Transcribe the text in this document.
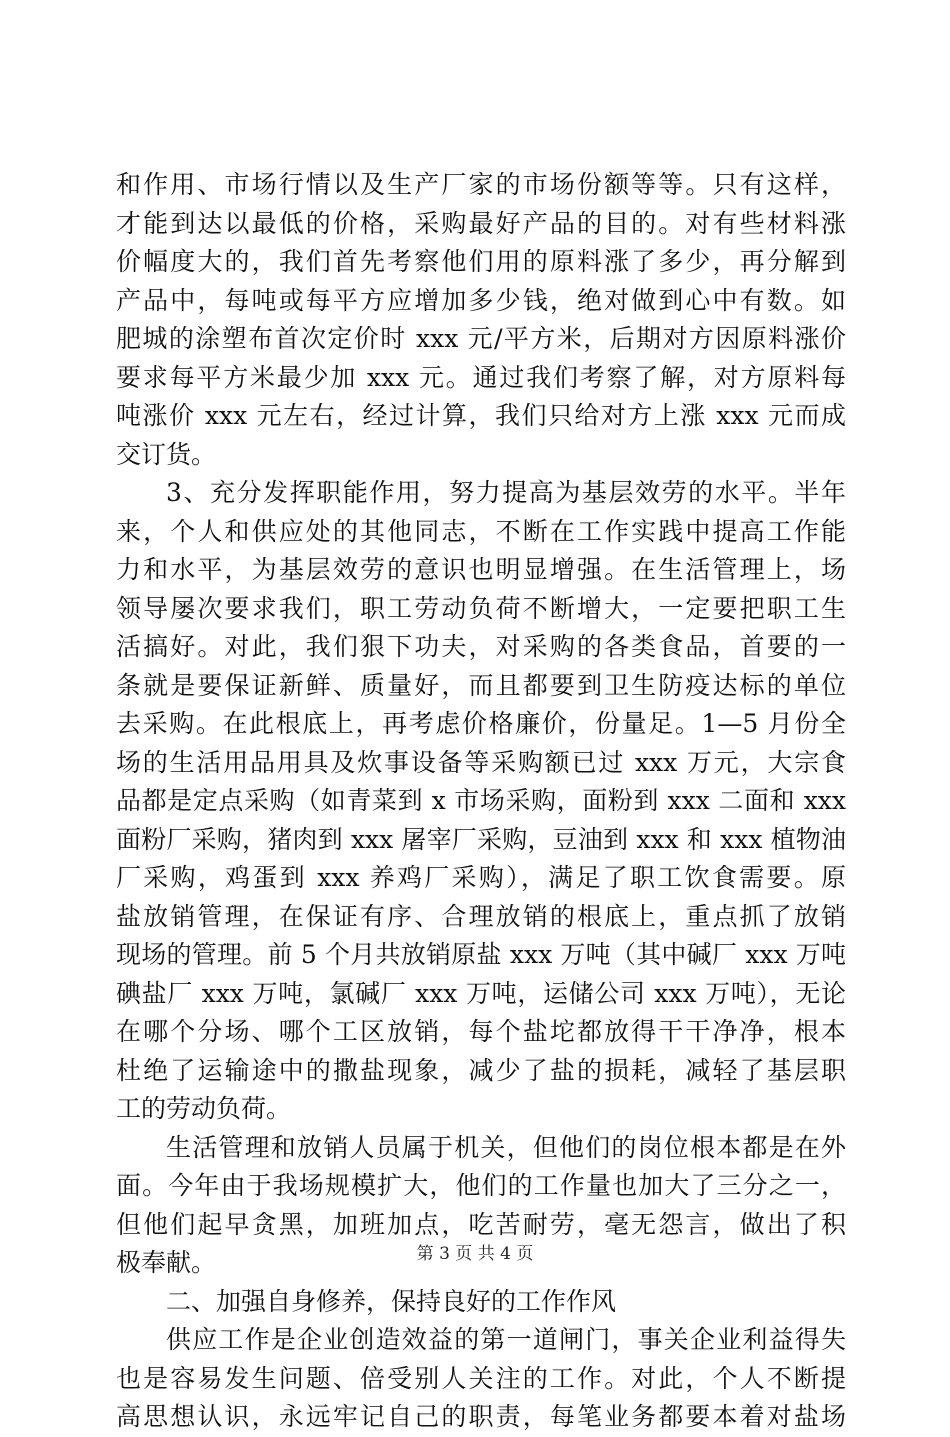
和作用、市场行情以及生产厂家的市场份额等等。只有这样，
才能到达以最低的价格，采购最好产品的目的。对有些材料涨
价幅度大的，我们首先考察他们用的原料涨了多少，再分解到
产品中，每吨或每平方应增加多少钱，绝对做到心中有数。如
肥城的涂塑布首次定价时 xxx 元/平方米，后期对方因原料涨价
要求每平方米最少加 xxx 元。通过我们考察了解，对方原料每
吨涨价 xxx 元左右，经过计算，我们只给对方上涨 xxx 元而成
交订货。
3、充分发挥职能作用，努力提高为基层效劳的水平。半年
来，个人和供应处的其他同志，不断在工作实践中提高工作能
力和水平，为基层效劳的意识也明显增强。在生活管理上，场
领导屡次要求我们，职工劳动负荷不断增大，一定要把职工生
活搞好。对此，我们狠下功夫，对采购的各类食品，首要的一
条就是要保证新鲜、质量好，而且都要到卫生防疫达标的单位
去采购。在此根底上，再考虑价格廉价，份量足。1—5 月份全
场的生活用品用具及炊事设备等采购额已过 xxx 万元，大宗食
品都是定点采购（如青菜到 x 市场采购，面粉到 xxx 二面和 xxx
面粉厂采购，猪肉到 xxx 屠宰厂采购，豆油到 xxx 和 xxx 植物油
厂采购，鸡蛋到 xxx 养鸡厂采购），满足了职工饮食需要。原
盐放销管理，在保证有序、合理放销的根底上，重点抓了放销
现场的管理。前 5 个月共放销原盐 xxx 万吨（其中碱厂 xxx 万吨
碘盐厂 xxx 万吨，氯碱厂 xxx 万吨，运储公司 xxx 万吨），无论
在哪个分场、哪个工区放销，每个盐坨都放得干干净净，根本
杜绝了运输途中的撒盐现象，减少了盐的损耗，减轻了基层职
工的劳动负荷。
生活管理和放销人员属于机关，但他们的岗位根本都是在外
面。今年由于我场规模扩大，他们的工作量也加大了三分之一，
但他们起早贪黑，加班加点，吃苦耐劳，毫无怨言，做出了积
极奉献。
二、加强自身修养，保持良好的工作作风
供应工作是企业创造效益的第一道闸门，事关企业利益得失
也是容易发生问题、倍受别人关注的工作。对此，个人不断提
高思想认识，永远牢记自己的职责，每笔业务都要本着对盐场
第 3 页 共 4 页
